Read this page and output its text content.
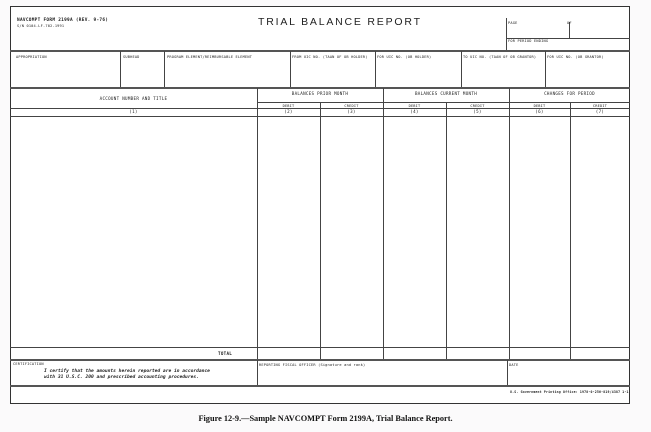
NAVCOMPT FORM 2199A (REV. 9-76)
S/N 0104-LF-702-1991	TRIAL BALANCE REPORT	PAGE	OF
FOR PERIOD ENDING
APPROPRIATION	SUBHEAD	PROGRAM ELEMENT/REIMBURSABLE ELEMENT	FROM UIC NO. (TAAN OF OB HOLDER)	FOR UIC NO. (OB HOLDER)	TO UIC NO. (TAAN OF OB GRANTOR)	FOR UIC NO. (OB GRANTOR)
ACCOUNT NUMBER AND TITLE
(1)
BALANCES PRIOR MONTH	BALANCES CURRENT MONTH	CHANGES FOR PERIOD
DEBIT	CREDIT	DEBIT	CREDIT	DEBIT	CREDIT
(2)	(3)	(4)	(5)	(6)	(7)
TOTAL
CERTIFICATION
I certify that the amounts herein reported are in accordance
with 31 U.S.C. 200 and prescribed accounting procedures.
REPORTING FISCAL OFFICER (Signature and rank)	DATE
U.S. Government Printing Office: 1978-0-256-819/4387 1-1
Figure 12-9.—Sample NAVCOMPT Form 2199A, Trial Balance Report.
